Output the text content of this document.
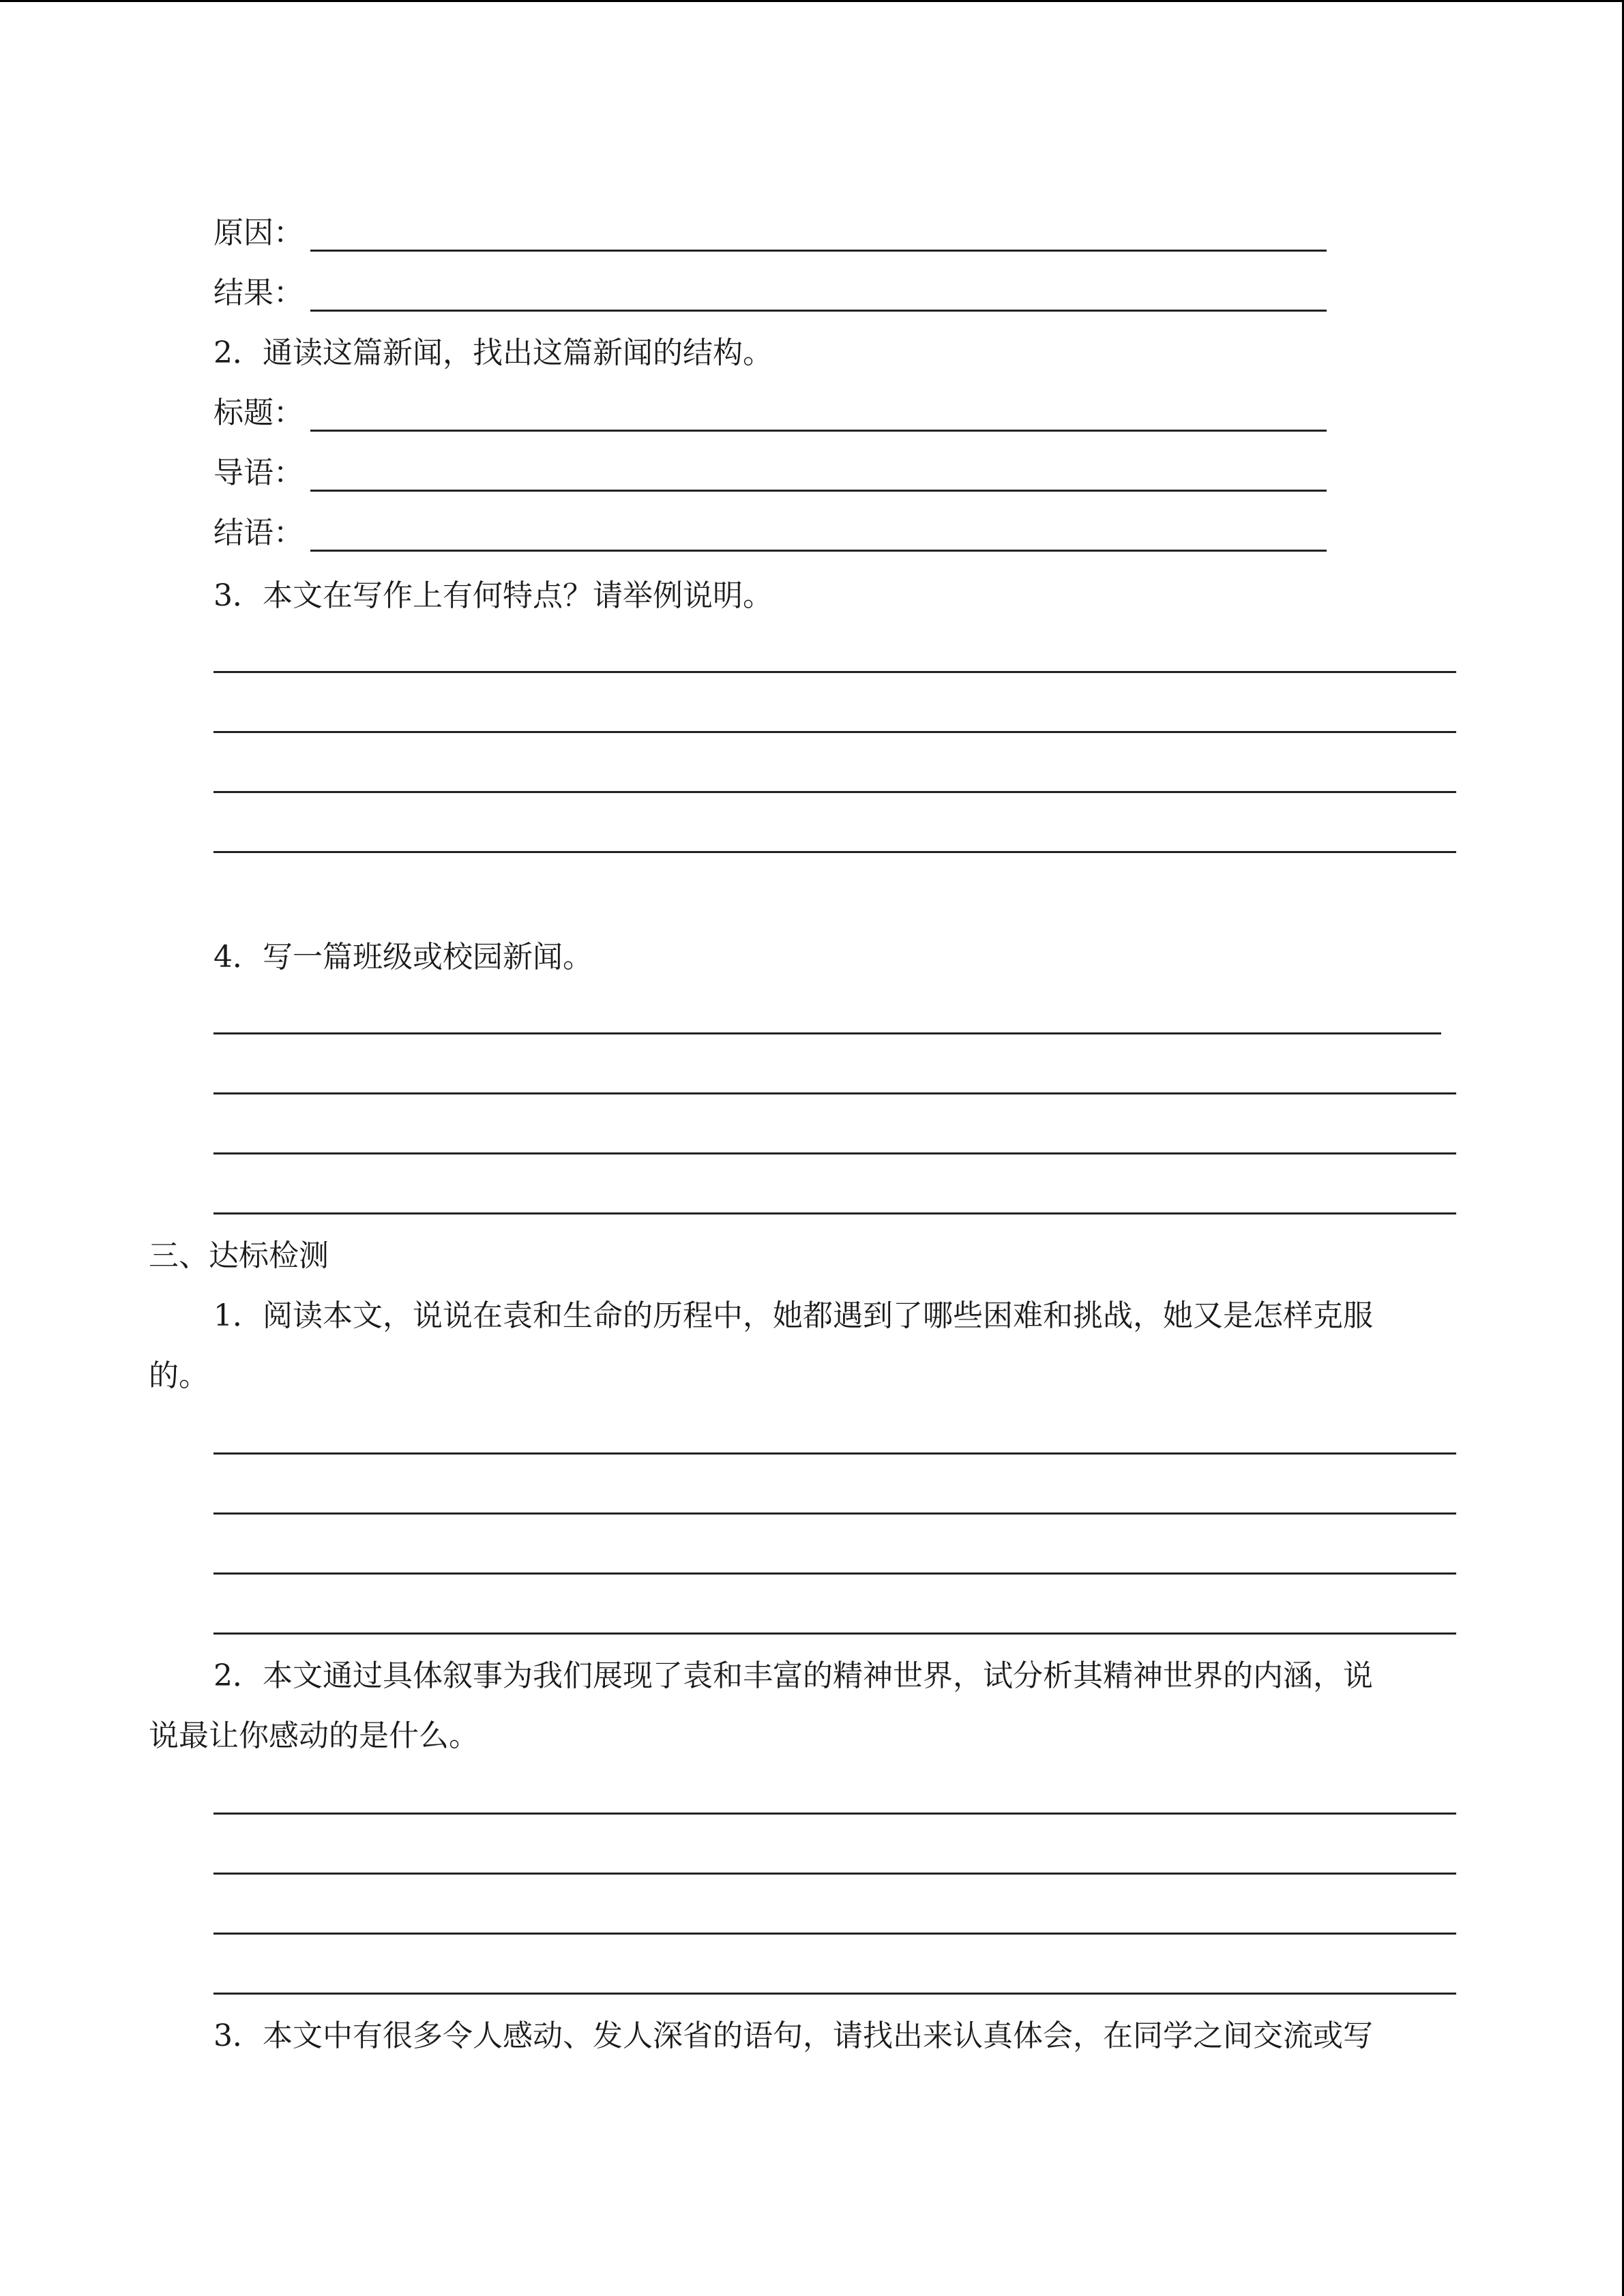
原因：
结果：
2．通读这篇新闻，找出这篇新闻的结构。
标题：
导语：
结语：
3．本文在写作上有何特点？请举例说明。
4．写一篇班级或校园新闻。
三、达标检测
1．阅读本文，说说在袁和生命的历程中，她都遇到了哪些困难和挑战，她又是怎样克服
的。
2．本文通过具体叙事为我们展现了袁和丰富的精神世界，试分析其精神世界的内涵，说
说最让你感动的是什么。
3．本文中有很多令人感动、发人深省的语句，请找出来认真体会，在同学之间交流或写
